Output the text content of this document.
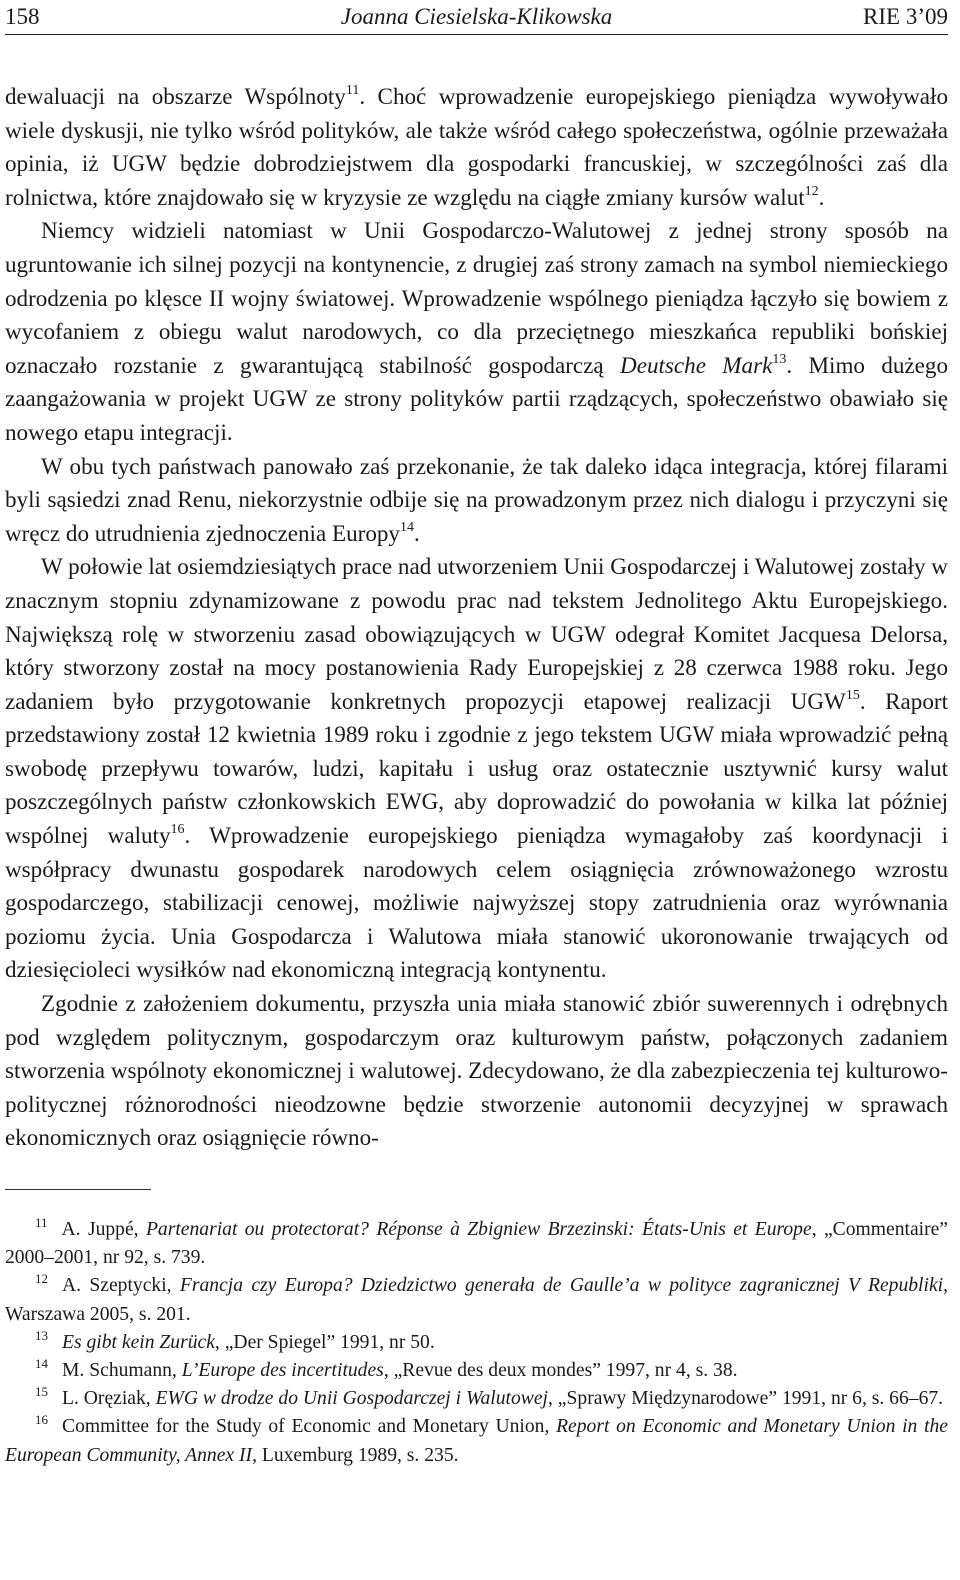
158	Joanna Ciesielska-Klikowska	RIE 3’09

dewaluacji na obszarze Wspólnoty$^{11}$. Choć wprowadzenie europejskiego pieniądza wywoływało wiele dyskusji, nie tylko wśród polityków, ale także wśród całego społeczeństwa, ogólnie przeważała opinia, iż UGW będzie dobrodziejstwem dla gospodarki francuskiej, w szczególności zaś dla rolnictwa, które znajdowało się w kryzysie ze względu na ciągłe zmiany kursów walut$^{12}$.

Niemcy widzieli natomiast w Unii Gospodarczo-Walutowej z jednej strony sposób na ugruntowanie ich silnej pozycji na kontynencie, z drugiej zaś strony zamach na symbol niemieckiego odrodzenia po klęsce II wojny światowej. Wprowadzenie wspólnego pieniądza łączyło się bowiem z wycofaniem z obiegu walut narodowych, co dla przeciętnego mieszkańca republiki bońskiej oznaczało rozstanie z gwarantującą stabilność gospodarczą Deutsche Mark$^{13}$. Mimo dużego zaangażowania w projekt UGW ze strony polityków partii rządzących, społeczeństwo obawiało się nowego etapu integracji.

W obu tych państwach panowało zaś przekonanie, że tak daleko idąca integracja, której filarami byli sąsiedzi znad Renu, niekorzystnie odbije się na prowadzonym przez nich dialogu i przyczyni się wręcz do utrudnienia zjednoczenia Europy$^{14}$.

W połowie lat osiemdziesiątych prace nad utworzeniem Unii Gospodarczej i Walutowej zostały w znacznym stopniu zdynamizowane z powodu prac nad tekstem Jednolitego Aktu Europejskiego. Największą rolę w stworzeniu zasad obowiązujących w UGW odegrał Komitet Jacquesa Delorsa, który stworzony został na mocy postanowienia Rady Europejskiej z 28 czerwca 1988 roku. Jego zadaniem było przygotowanie konkretnych propozycji etapowej realizacji UGW$^{15}$. Raport przedstawiony został 12 kwietnia 1989 roku i zgodnie z jego tekstem UGW miała wprowadzić pełną swobodę przepływu towarów, ludzi, kapitału i usług oraz ostatecznie usztywnić kursy walut poszczególnych państw członkowskich EWG, aby doprowadzić do powołania w kilka lat później wspólnej waluty$^{16}$. Wprowadzenie europejskiego pieniądza wymagałoby zaś koordynacji i współpracy dwunastu gospodarek narodowych celem osiągnięcia zrównoważonego wzrostu gospodarczego, stabilizacji cenowej, możliwie najwyższej stopy zatrudnienia oraz wyrównania poziomu życia. Unia Gospodarcza i Walutowa miała stanowić ukoronowanie trwających od dziesięcioleci wysiłków nad ekonomiczną integracją kontynentu.

Zgodnie z założeniem dokumentu, przyszła unia miała stanowić zbiór suwerennych i odrębnych pod względem politycznym, gospodarczym oraz kulturowym państw, połączonych zadaniem stworzenia wspólnoty ekonomicznej i walutowej. Zdecydowano, że dla zabezpieczenia tej kulturowo-politycznej różnorodności nieodzowne będzie stworzenie autonomii decyzyjnej w sprawach ekonomicznych oraz osiągnięcie równo-

$^{11}$ A. Juppé, Partenariat ou protectorat? Réponse à Zbigniew Brzezinski: États-Unis et Europe, „Commentaire” 2000–2001, nr 92, s. 739.

$^{12}$ A. Szeptycki, Francja czy Europa? Dziedzictwo generała de Gaulle’a w polityce zagranicznej V Republiki, Warszawa 2005, s. 201.

$^{13}$ Es gibt kein Zurück, „Der Spiegel” 1991, nr 50.

$^{14}$ M. Schumann, L’Europe des incertitudes, „Revue des deux mondes” 1997, nr 4, s. 38.

$^{15}$ L. Oręziak, EWG w drodze do Unii Gospodarczej i Walutowej, „Sprawy Międzynarodowe” 1991, nr 6, s. 66–67.

$^{16}$ Committee for the Study of Economic and Monetary Union, Report on Economic and Monetary Union in the European Community, Annex II, Luxemburg 1989, s. 235.
